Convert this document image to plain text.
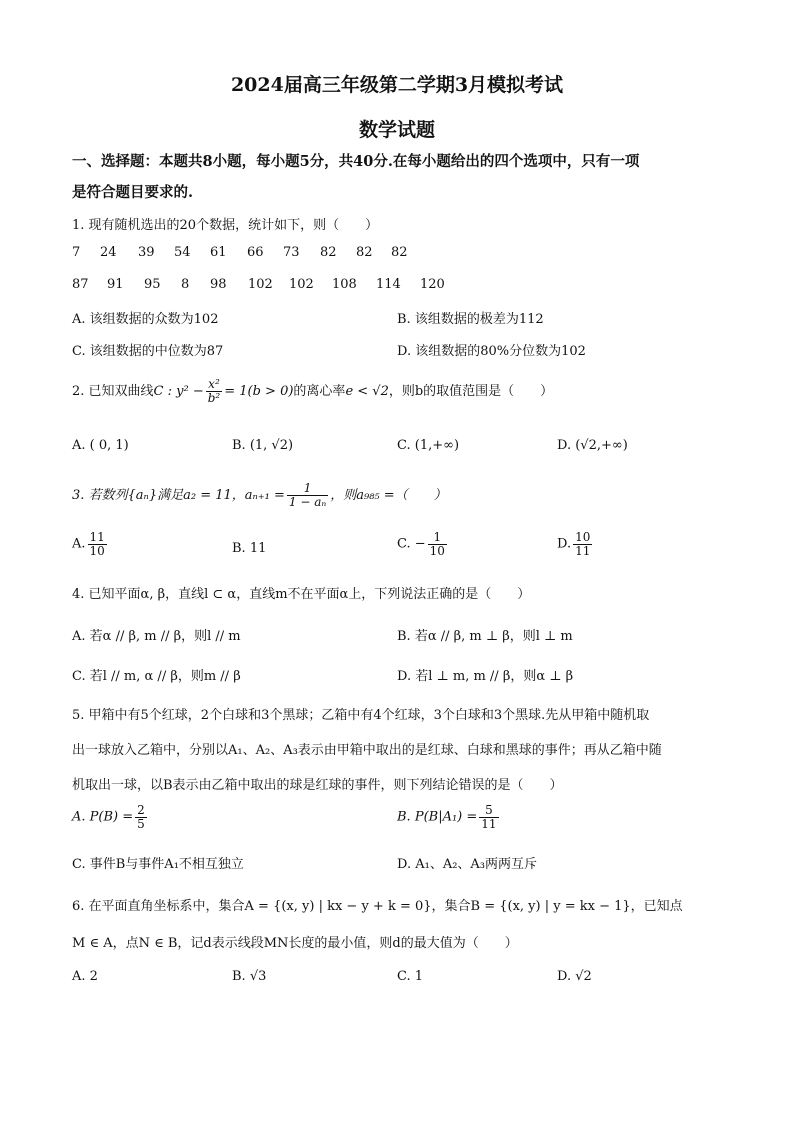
2024届高三年级第二学期3月模拟考试
数学试题
一、选择题：本题共8小题，每小题5分，共40分.在每小题给出的四个选项中，只有一项
是符合题目要求的.
1. 现有随机选出的20个数据，统计如下，则（　　）
7 24 39 54 61 66 73 82 82 82
87 91 95 8 98 102 102 108 114 120
A. 该组数据的众数为102	B. 该组数据的极差为112
C. 该组数据的中位数为87	D. 该组数据的80%分位数为102
2. 已知双曲线C : $y^2 - \frac{\text{x²}}{\text{b²}} = 1(b > 0)$的离心率e < √2，则b的取值范围是（　　）
A. ( 0, 1)	B. (1, √2)	C. (1,+∞)	D. (√2,+∞)
3. 若数列{aₙ}满足a₂ = 11，$a_{n+1} = \frac{1}{\text{1 − aₙ}}$ ，则a₉₈₅ =（　　）
A. $\frac{11}{10}$	B. 11	C. − $\frac{1}{10}$	D. $\frac{10}{11}$
4. 已知平面α, β，直线l ⊂ α，直线m不在平面α上，下列说法正确的是（　　）
A. 若α // β, m // β，则l // m	B. 若α // β, m ⊥ β，则l ⊥ m
C. 若l // m, α // β，则m // β	D. 若l ⊥ m, m // β，则α ⊥ β
5. 甲箱中有5个红球，2个白球和3个黑球；乙箱中有4个红球，3个白球和3个黑球.先从甲箱中随机取
出一球放入乙箱中，分别以A₁、A₂、A₃表示由甲箱中取出的是红球、白球和黑球的事件；再从乙箱中随
机取出一球，以B表示由乙箱中取出的球是红球的事件，则下列结论错误的是（　　）
A. $P(B) = \frac{2}{5}$	B. $P(B|A_1) = \frac{5}{11}$
C. 事件B与事件A₁不相互独立	D. A₁、A₂、A₃两两互斥
6. 在平面直角坐标系中，集合A = {(x, y) | kx − y + k = 0}，集合B = {(x, y) | y = kx − 1}，已知点
M ∈ A，点N ∈ B，记d表示线段MN长度的最小值，则d的最大值为（　　）
A. 2	B. √3	C. 1	D. √2
